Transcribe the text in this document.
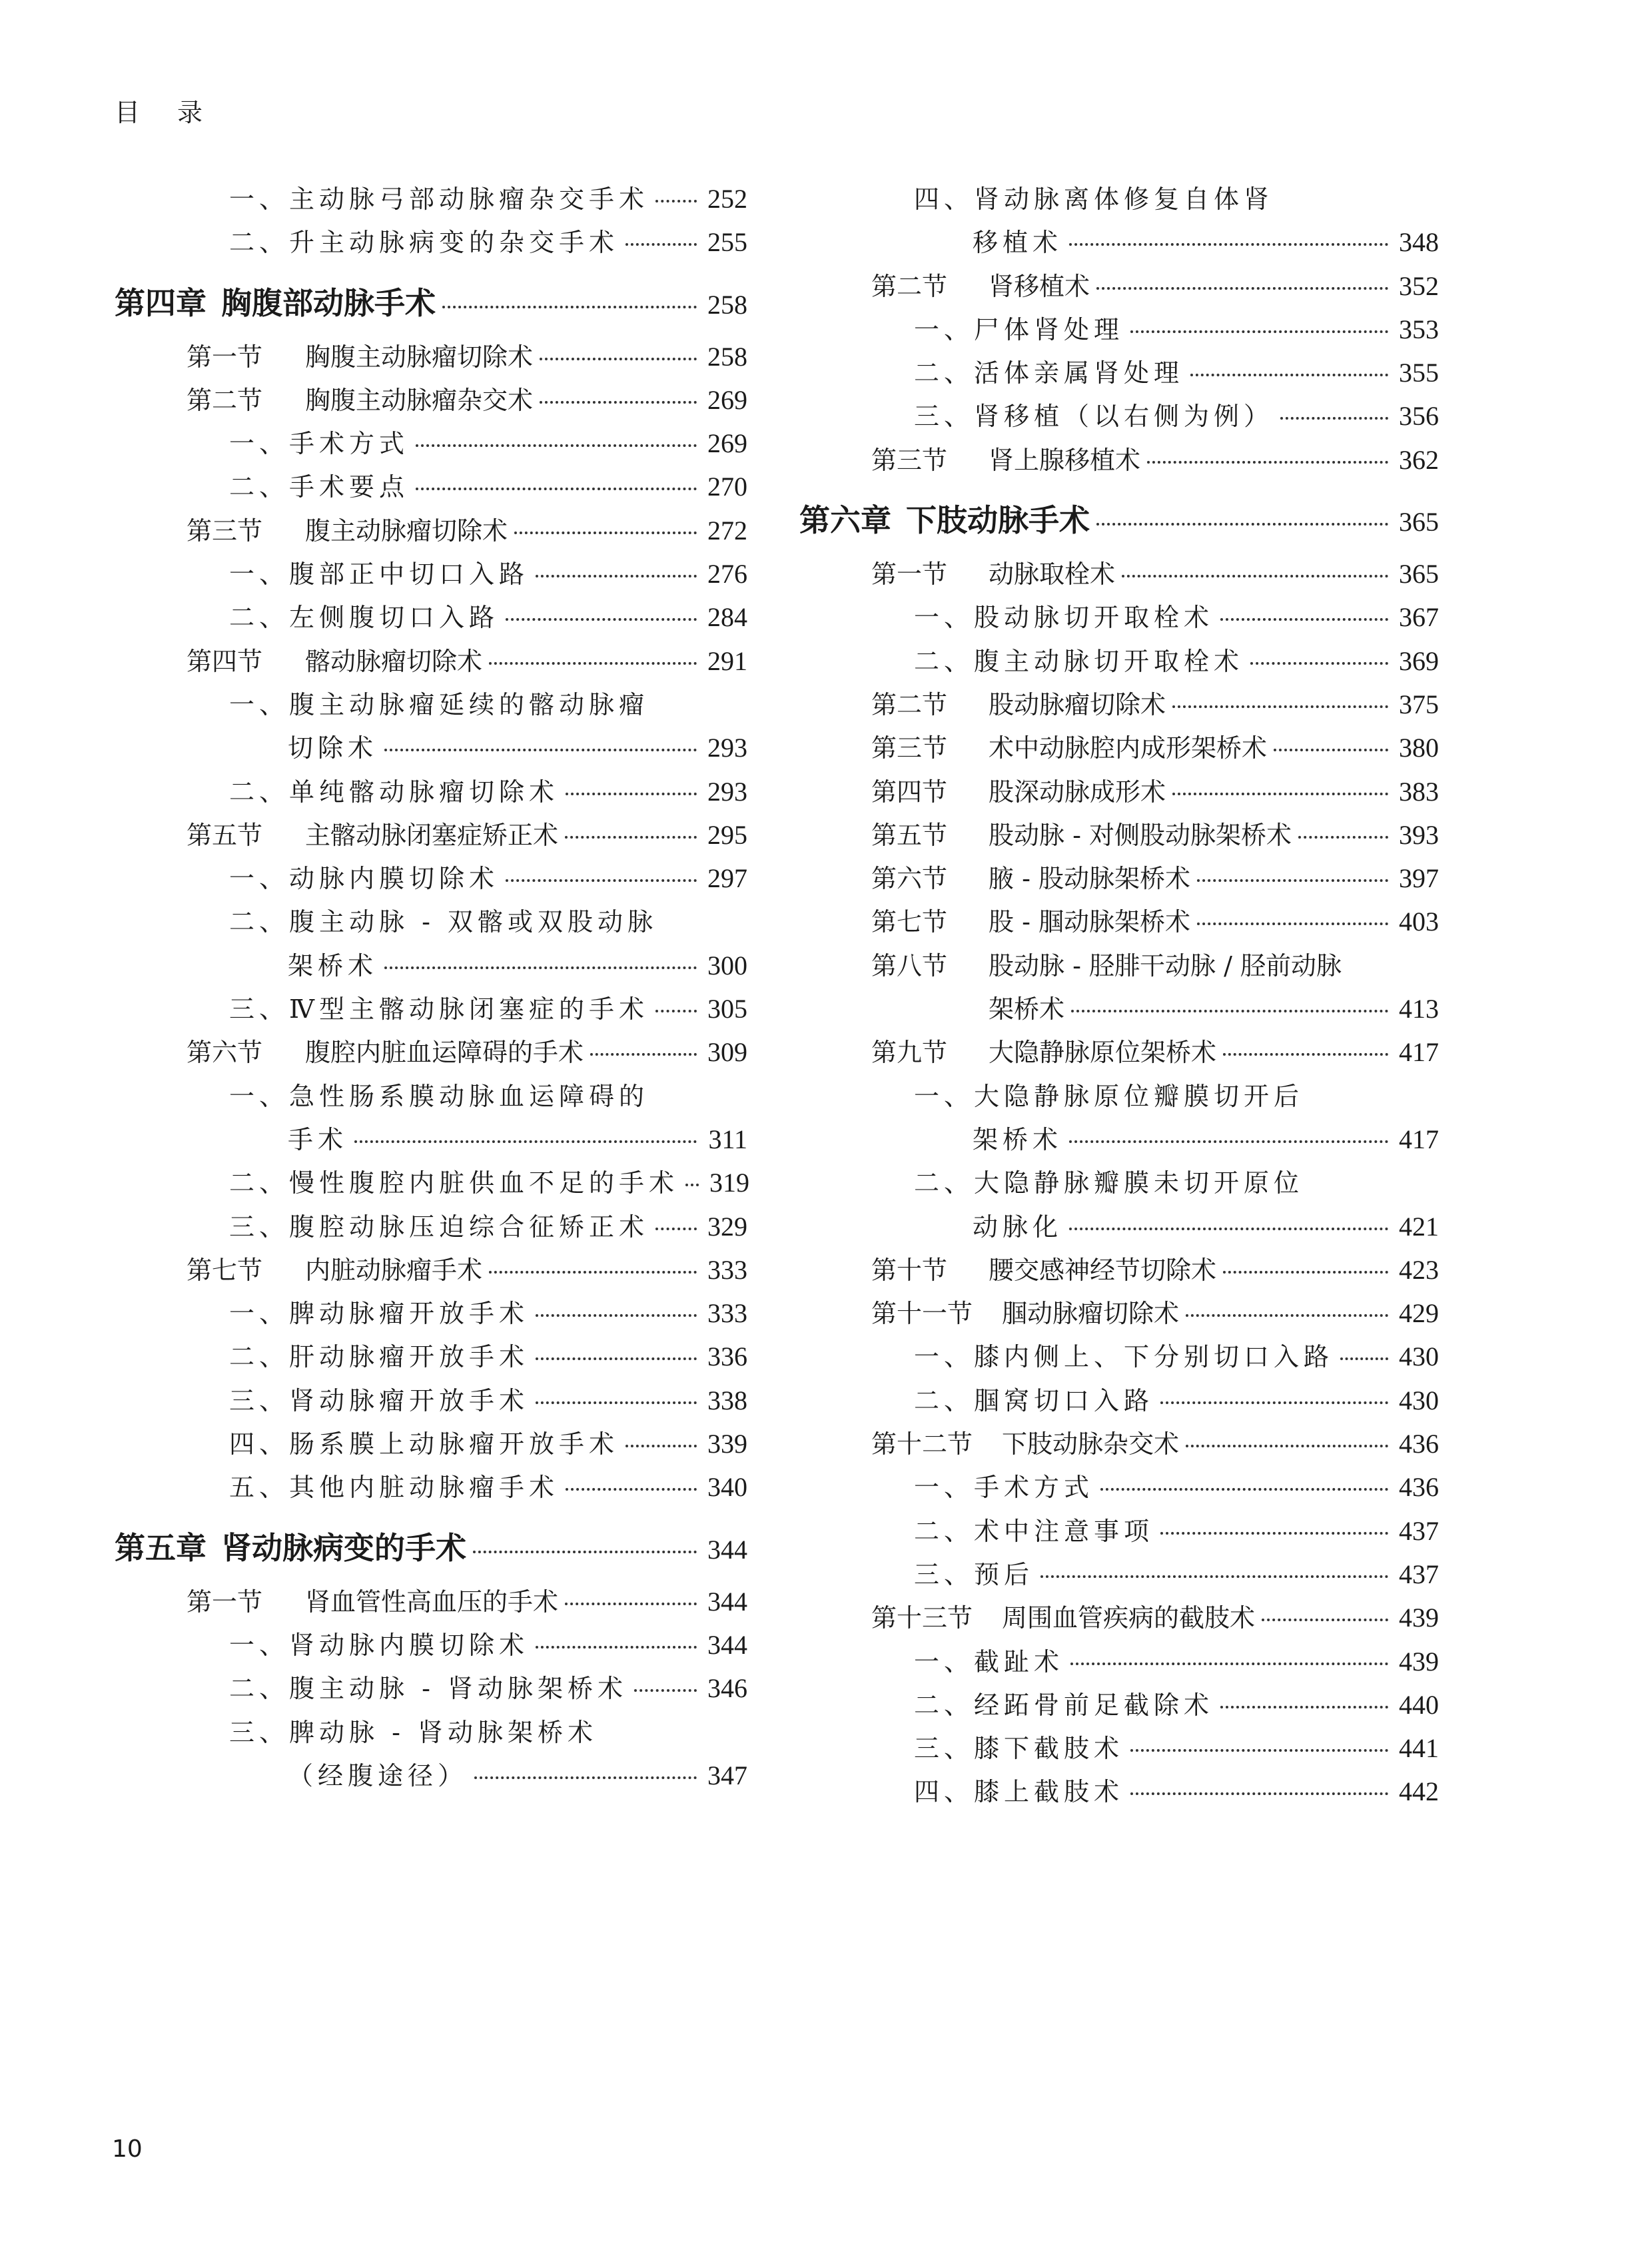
目录
一、主动脉弓部动脉瘤杂交手术 252
二、升主动脉病变的杂交手术	255
第四章 胸腹部动脉手术	258
第一节	胸腹主动脉瘤切除术	258
第二节	胸腹主动脉瘤杂交术	269
一、手术方式	269
二、手术要点	270
第三节	腹主动脉瘤切除术	272
一、腹部正中切口入路	276
二、左侧腹切口入路	284
第四节	髂动脉瘤切除术	291
一、腹主动脉瘤延续的髂动脉瘤
切除术	293
二、单纯髂动脉瘤切除术	293
第五节	主髂动脉闭塞症矫正术	295
一、动脉内膜切除术	297
二、腹主动脉 - 双髂或双股动脉
架桥术	300
三、Ⅳ型主髂动脉闭塞症的手术 305
第六节	腹腔内脏血运障碍的手术	309
一、急性肠系膜动脉血运障碍的
手术	311
二、慢性腹腔内脏供血不足的手术 319
三、腹腔动脉压迫综合征矫正术 329
第七节	内脏动脉瘤手术	333
一、脾动脉瘤开放手术	333
二、肝动脉瘤开放手术	336
三、肾动脉瘤开放手术	338
四、肠系膜上动脉瘤开放手术	339
五、其他内脏动脉瘤手术	340
第五章 肾动脉病变的手术	344
第一节	肾血管性高血压的手术	344
一、肾动脉内膜切除术	344
二、腹主动脉 - 肾动脉架桥术	346
三、脾动脉 - 肾动脉架桥术
（经腹途径）	347
四、肾动脉离体修复自体肾
移植术	348
第二节	肾移植术	352
一、尸体肾处理	353
二、活体亲属肾处理	355
三、肾移植（以右侧为例）	356
第三节	肾上腺移植术	362
第六章 下肢动脉手术	365
第一节	动脉取栓术	365
一、股动脉切开取栓术	367
二、腹主动脉切开取栓术	369
第二节	股动脉瘤切除术	375
第三节	术中动脉腔内成形架桥术	380
第四节	股深动脉成形术	383
第五节	股动脉 - 对侧股动脉架桥术	393
第六节	腋 - 股动脉架桥术	397
第七节	股 - 腘动脉架桥术	403
第八节	股动脉 - 胫腓干动脉 / 胫前动脉
架桥术	413
第九节	大隐静脉原位架桥术	417
一、大隐静脉原位瓣膜切开后
架桥术	417
二、大隐静脉瓣膜未切开原位
动脉化	421
第十节	腰交感神经节切除术	423
第十一节	腘动脉瘤切除术	429
一、膝内侧上、下分别切口入路 430
二、腘窝切口入路	430
第十二节	下肢动脉杂交术	436
一、手术方式	436
二、术中注意事项	437
三、预后	437
第十三节	周围血管疾病的截肢术	439
一、截趾术	439
二、经跖骨前足截除术	440
三、膝下截肢术	441
四、膝上截肢术	442
10
